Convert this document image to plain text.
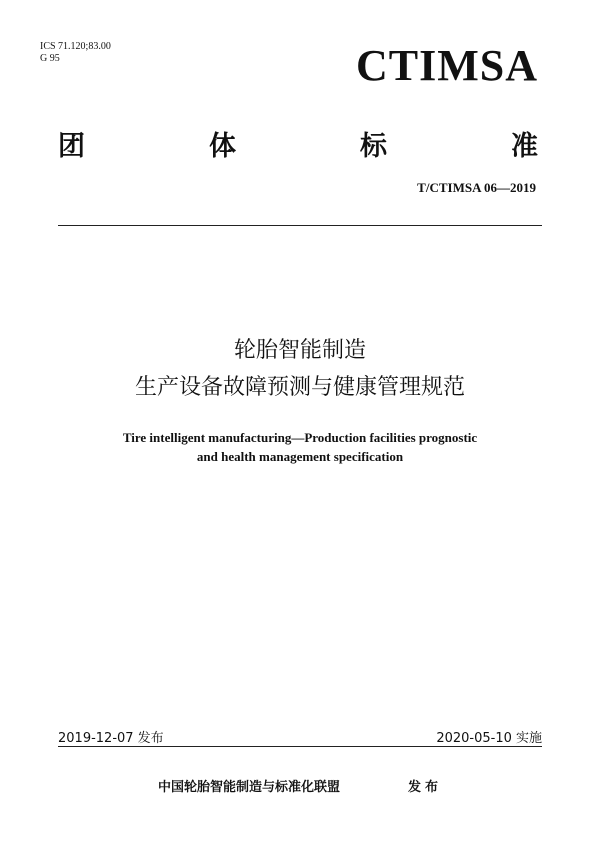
ICS 71.120;83.00
G 95	CTIMSA
团	体	标	准
T/CTIMSA 06—2019
轮胎智能制造
生产设备故障预测与健康管理规范
Tire intelligent manufacturing—Production facilities prognostic
and health management specification
2019-12-07 发布	2020-05-10 实施
中国轮胎智能制造与标准化联盟	发布
